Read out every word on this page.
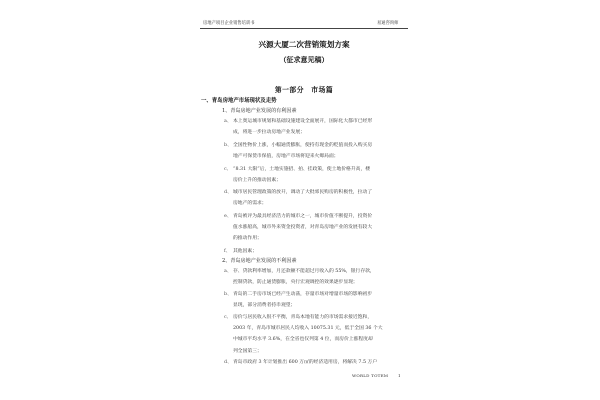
房地产项目企业销售培训书	易通咨询师
兴源大厦二次营销策划方案
（征求意见稿）
第一部分　市场篇
一、青岛房地产市场现状及走势
1、青岛房地产业发展的有利因素
a、 本上奥运城市规划和基础设施建设全面展开，国际化大都市已经形
成，将进一步拉动房地产业发展；
b、 全国性物价上涨，小幅通货膨胀，使持有现金的贬值而投入购买房
地产可保货币保值，房地产市场将迎来火爆局面；
c、 “8.31 大限”后，土地实施招、拍、挂政策，使土地价格升高，楼
房价上升的推动因素；
d、 城市居民管理政策的放开，调动了大批郊民购房的积极性，拉动了
房地产的需求；
e、 青岛被评为最具经济活力的城市之一，城市价值不断提升，投资价
值水涨船高，城市外来资金投资者，对青岛房地产业的发展有较大
的推动作用；
f、 其他因素；
2、青岛房地产业发展的不利因素
a、 存、贷款利率增加，月还款额不能超过月收入的 55%，银行存款，
控制贷款，防止通货膨胀，央行宏观调控的效果逐步显现；
b、 青岛的二手房市场已经产生动荡，存量市场对增量市场的影响初步
显现，部分消费者持币观望；
c、 房价与居民收入很不平衡，青岛本地有能力的市场需求接近饱和，
2003 年，青岛市城市居民人均收入 10075.31 元，低于全国 36 个大
中城市平均水平 3.6%，在全省也仅列第 4 位，而房价上涨程度却
列全国第三；
d、 青岛市政府 3 年计划推出 600 万㎡的经济适用房，将解决 7.5 万户
WORLD TOTEM 1
